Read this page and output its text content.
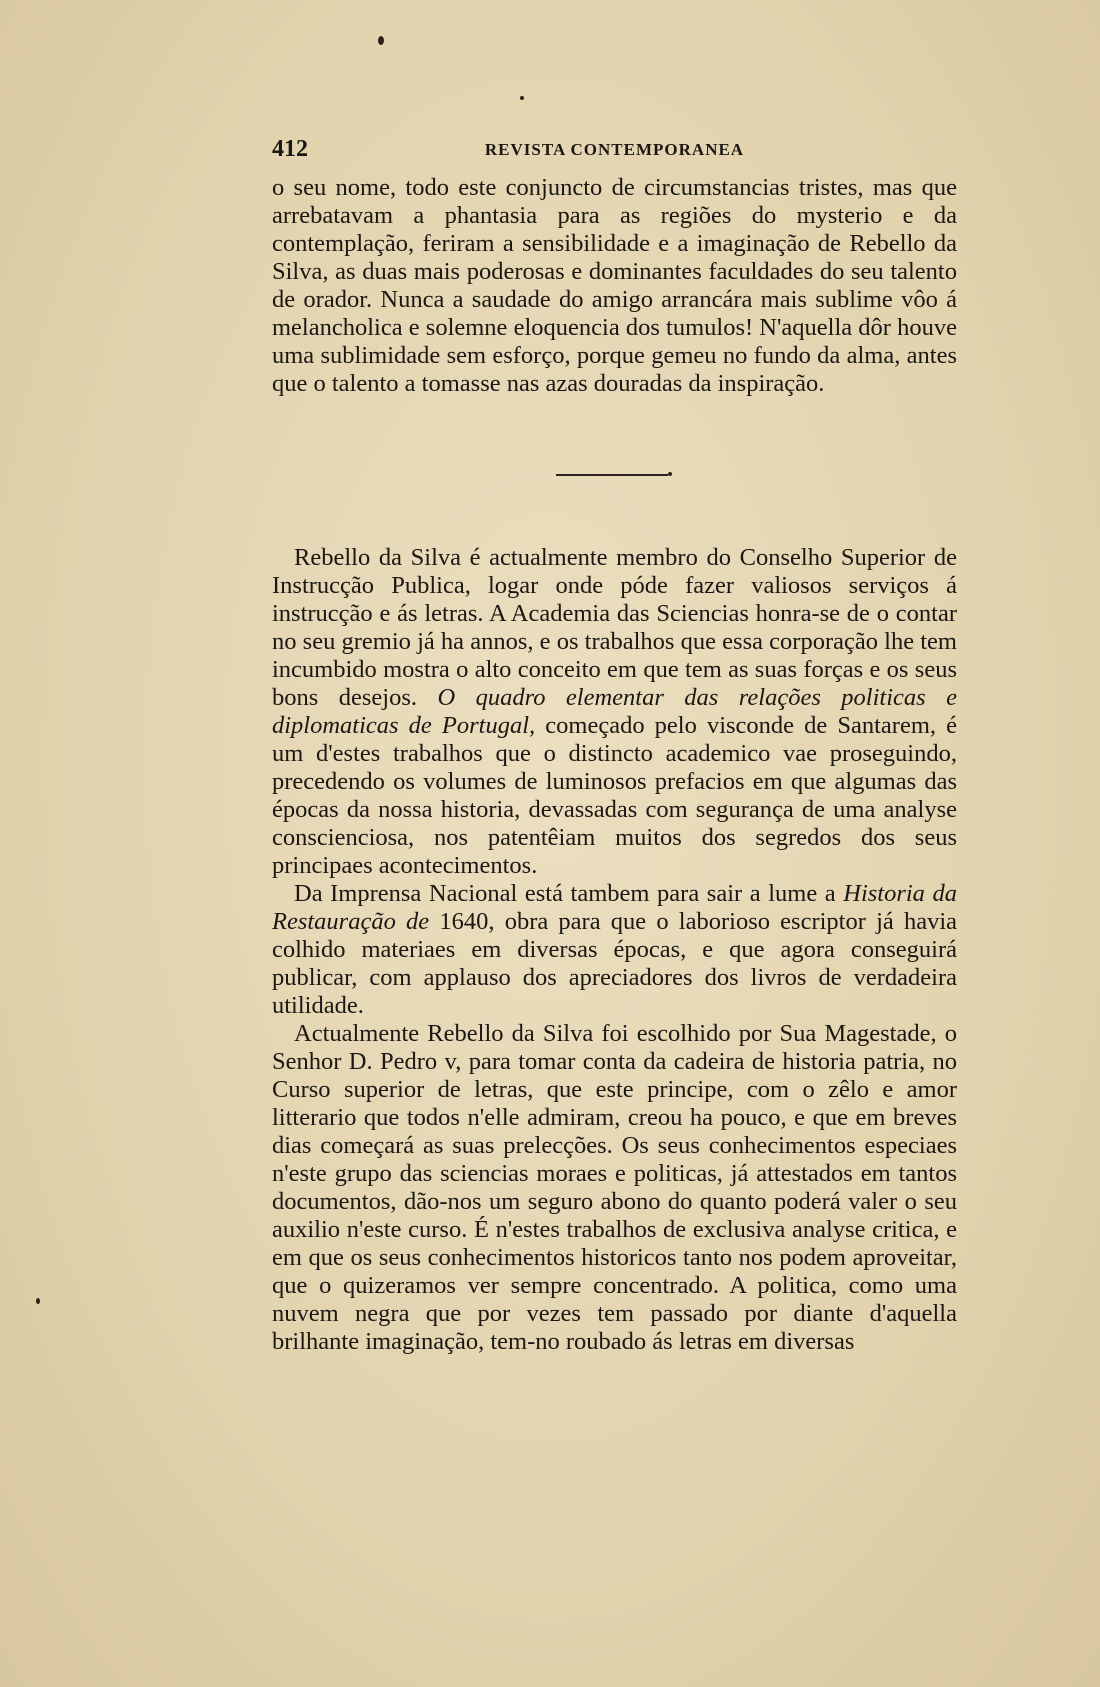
412	REVISTA CONTEMPORANEA

o seu nome, todo este conjuncto de circumstancias tristes, mas que arrebatavam a phantasia para as regiões do mysterio e da contemplação, feriram a sensibilidade e a imaginação de Rebello da Silva, as duas mais poderosas e dominantes faculdades do seu talento de orador. Nunca a saudade do amigo arrancára mais sublime vôo á melancholica e solemne eloquencia dos tumulos! N'aquella dôr houve uma sublimidade sem esforço, porque gemeu no fundo da alma, antes que o talento a tomasse nas azas douradas da inspiração.

Rebello da Silva é actualmente membro do Conselho Superior de Instrucção Publica, logar onde póde fazer valiosos serviços á instrucção e ás letras. A Academia das Sciencias honra-se de o contar no seu gremio já ha annos, e os trabalhos que essa corporação lhe tem incumbido mostra o alto conceito em que tem as suas forças e os seus bons desejos. O quadro elementar das relações politicas e diplomaticas de Portugal, começado pelo visconde de Santarem, é um d'estes trabalhos que o distincto academico vae proseguindo, precedendo os volumes de luminosos prefacios em que algumas das épocas da nossa historia, devassadas com segurança de uma analyse conscienciosa, nos patentêiam muitos dos segredos dos seus principaes acontecimentos.

Da Imprensa Nacional está tambem para sair a lume a Historia da Restauração de 1640, obra para que o laborioso escriptor já havia colhido materiaes em diversas épocas, e que agora conseguirá publicar, com applauso dos apreciadores dos livros de verdadeira utilidade.

Actualmente Rebello da Silva foi escolhido por Sua Magestade, o Senhor D. Pedro v, para tomar conta da cadeira de historia patria, no Curso superior de letras, que este principe, com o zêlo e amor litterario que todos n'elle admiram, creou ha pouco, e que em breves dias começará as suas prelecções. Os seus conhecimentos especiaes n'este grupo das sciencias moraes e politicas, já attestados em tantos documentos, dão-nos um seguro abono do quanto poderá valer o seu auxilio n'este curso. É n'estes trabalhos de exclusiva analyse critica, e em que os seus conhecimentos historicos tanto nos podem aproveitar, que o quizeramos ver sempre concentrado. A politica, como uma nuvem negra que por vezes tem passado por diante d'aquella brilhante imaginação, tem-no roubado ás letras em diversas
